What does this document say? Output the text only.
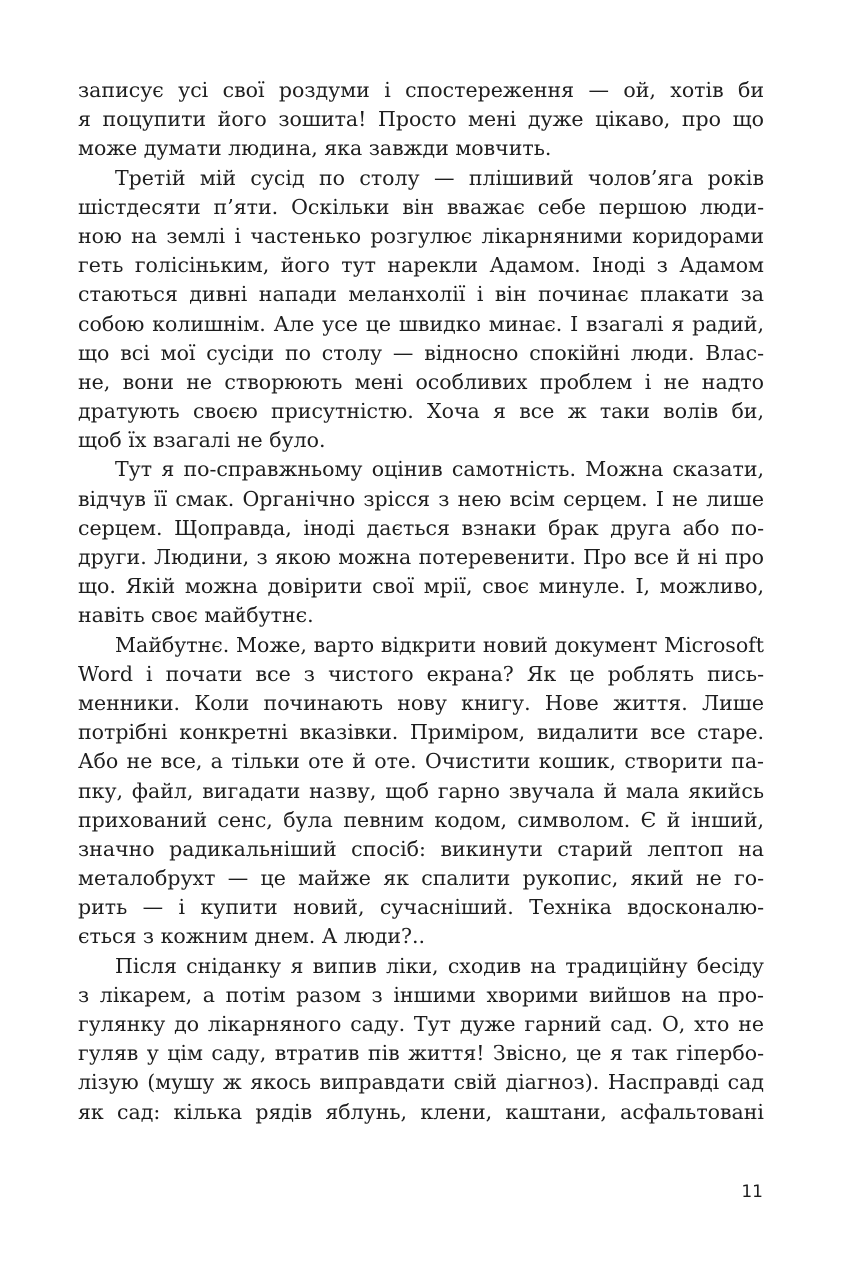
записує усі свої роздуми і спостереження — ой, хотів би
я поцупити його зошита! Просто мені дуже цікаво, про що
може думати людина, яка завжди мовчить.
Третій мій сусід по столу — плішивий чолов’яга років
шістдесяти п’яти. Оскільки він вважає себе першою люди-
ною на землі і частенько розгулює лікарняними коридорами
геть голісіньким, його тут нарекли Адамом. Іноді з Адамом
стаються дивні напади меланхолії і він починає плакати за
собою колишнім. Але усе це швидко минає. І взагалі я радий,
що всі мої сусіди по столу — відносно спокійні люди. Влас-
не, вони не створюють мені особливих проблем і не надто
дратують своєю присутністю. Хоча я все ж таки волів би,
щоб їх взагалі не було.
Тут я по-справжньому оцінив самотність. Можна сказати,
відчув її смак. Органічно зрісся з нею всім серцем. І не лише
серцем. Щоправда, іноді дається взнаки брак друга або по-
други. Людини, з якою можна потеревенити. Про все й ні про
що. Якій можна довірити свої мрії, своє минуле. І, можливо,
навіть своє майбутнє.
Майбутнє. Може, варто відкрити новий документ Microsoft
Word і почати все з чистого екрана? Як це роблять пись-
менники. Коли починають нову книгу. Нове життя. Лише
потрібні конкретні вказівки. Приміром, видалити все старе.
Або не все, а тільки оте й оте. Очистити кошик, створити па-
пку, файл, вигадати назву, щоб гарно звучала й мала якийсь
прихований сенс, була певним кодом, символом. Є й інший,
значно радикальніший спосіб: викинути старий лептоп на
металобрухт — це майже як спалити рукопис, який не го-
рить — і купити новий, сучасніший. Техніка вдосконалю-
ється з кожним днем. А люди?..
Після сніданку я випив ліки, сходив на традиційну бесіду
з лікарем, а потім разом з іншими хворими вийшов на про-
гулянку до лікарняного саду. Тут дуже гарний сад. О, хто не
гуляв у цім саду, втратив пів життя! Звісно, це я так гіпербо-
лізую (мушу ж якось виправдати свій діагноз). Насправді сад
як сад: кілька рядів яблунь, клени, каштани, асфальтовані
11
